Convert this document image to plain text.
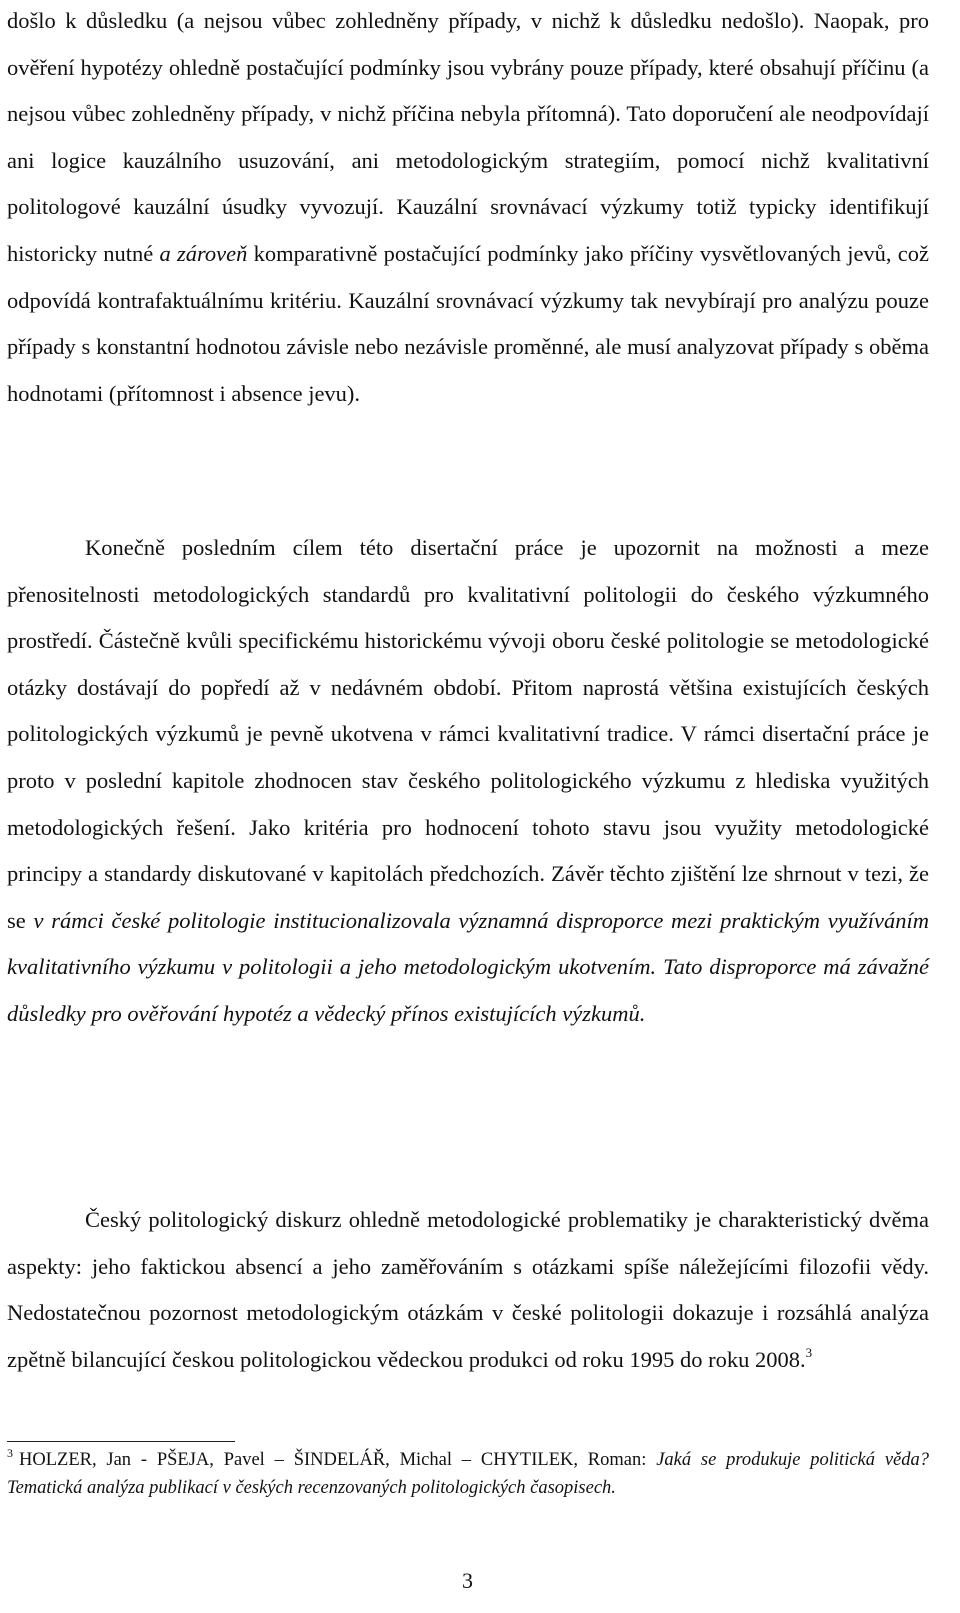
došlo k důsledku (a nejsou vůbec zohledněny případy, v nichž k důsledku nedošlo). Naopak, pro ověření hypotézy ohledně postačující podmínky jsou vybrány pouze případy, které obsahují příčinu (a nejsou vůbec zohledněny případy, v nichž příčina nebyla přítomná). Tato doporučení ale neodpovídají ani logice kauzálního usuzování, ani metodologickým strategiím, pomocí nichž kvalitativní politologové kauzální úsudky vyvozují. Kauzální srovnávací výzkumy totiž typicky identifikují historicky nutné a zároveň komparativně postačující podmínky jako příčiny vysvětlovaných jevů, což odpovídá kontrafaktuálnímu kritériu. Kauzální srovnávací výzkumy tak nevybírají pro analýzu pouze případy s konstantní hodnotou závisle nebo nezávisle proměnné, ale musí analyzovat případy s oběma hodnotami (přítomnost i absence jevu).

Konečně posledním cílem této disertační práce je upozornit na možnosti a meze přenositelnosti metodologických standardů pro kvalitativní politologii do českého výzkumného prostředí. Částečně kvůli specifickému historickému vývoji oboru české politologie se metodologické otázky dostávají do popředí až v nedávném období. Přitom naprostá většina existujících českých politologických výzkumů je pevně ukotvena v rámci kvalitativní tradice. V rámci disertační práce je proto v poslední kapitole zhodnocen stav českého politologického výzkumu z hlediska využitých metodologických řešení. Jako kritéria pro hodnocení tohoto stavu jsou využity metodologické principy a standardy diskutované v kapitolách předchozích. Závěr těchto zjištění lze shrnout v tezi, že se v rámci české politologie institucionalizovala významná disproporce mezi praktickým využíváním kvalitativního výzkumu v politologii a jeho metodologickým ukotvením. Tato disproporce má závažné důsledky pro ověřování hypotéz a vědecký přínos existujících výzkumů.

Český politologický diskurz ohledně metodologické problematiky je charakteristický dvěma aspekty: jeho faktickou absencí a jeho zaměřováním s otázkami spíše náležejícími filozofii vědy. Nedostatečnou pozornost metodologickým otázkám v české politologii dokazuje i rozsáhlá analýza zpětně bilancující českou politologickou vědeckou produkci od roku 1995 do roku 2008.$^3$

$^3$ HOLZER, Jan - PŠEJA, Pavel – ŠINDELÁŘ, Michal – CHYTILEK, Roman: Jaká se produkuje politická věda? Tematická analýza publikací v českých recenzovaných politologických časopisech.

3
